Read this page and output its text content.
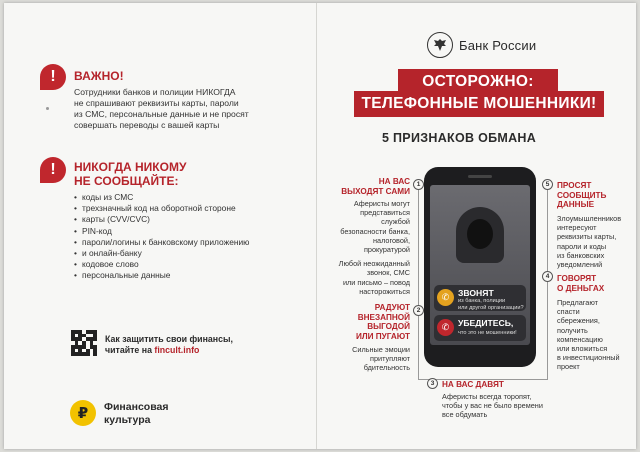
!	ВАЖНО!
Сотрудники банков и полиции НИКОГДА
не спрашивают реквизиты карты, пароли
из СМС, персональные данные и не просят
совершать переводы с вашей карты
!	НИКОГДА НИКОМУ
НЕ СООБЩАЙТЕ:
• коды из СМС
• трехзначный код на оборотной стороне
• карты (CVV/CVC)
• PIN-код
• пароли/логины к банковскому приложению
• и онлайн-банку
• кодовое слово
• персональные данные
Как защитить свои финансы,
читайте на fincult.info
₽ Финансовая
культура
Банк России
ОСТОРОЖНО:
ТЕЛЕФОННЫЕ МОШЕННИКИ!
5 ПРИЗНАКОВ ОБМАНА
✆	ЗВОНЯТ
из банка, полиции
или другой организации?
✆	УБЕДИТЕСЬ,
что это не мошенники!
1
НА ВАС
ВЫХОДЯТ САМИ
Аферисты могут
представиться
службой
безопасности банка,
налоговой,
прокуратурой
Любой неожиданный
звонок, СМС
или письмо – повод
насторожиться
2
РАДУЮТ
ВНЕЗАПНОЙ
ВЫГОДОЙ
ИЛИ ПУГАЮТ
Сильные эмоции
притупляют
бдительность
3 НА ВАС ДАВЯТ
Аферисты всегда торопят,
чтобы у вас не было времени
все обдумать
4 ГОВОРЯТ
О ДЕНЬГАХ
Предлагают
спасти
сбережения,
получить
компенсацию
или вложиться
в инвестиционный
проект
5 ПРОСЯТ
СООБЩИТЬ
ДАННЫЕ
Злоумышленников
интересуют
реквизиты карты,
пароли и коды
из банковских
уведомлений
